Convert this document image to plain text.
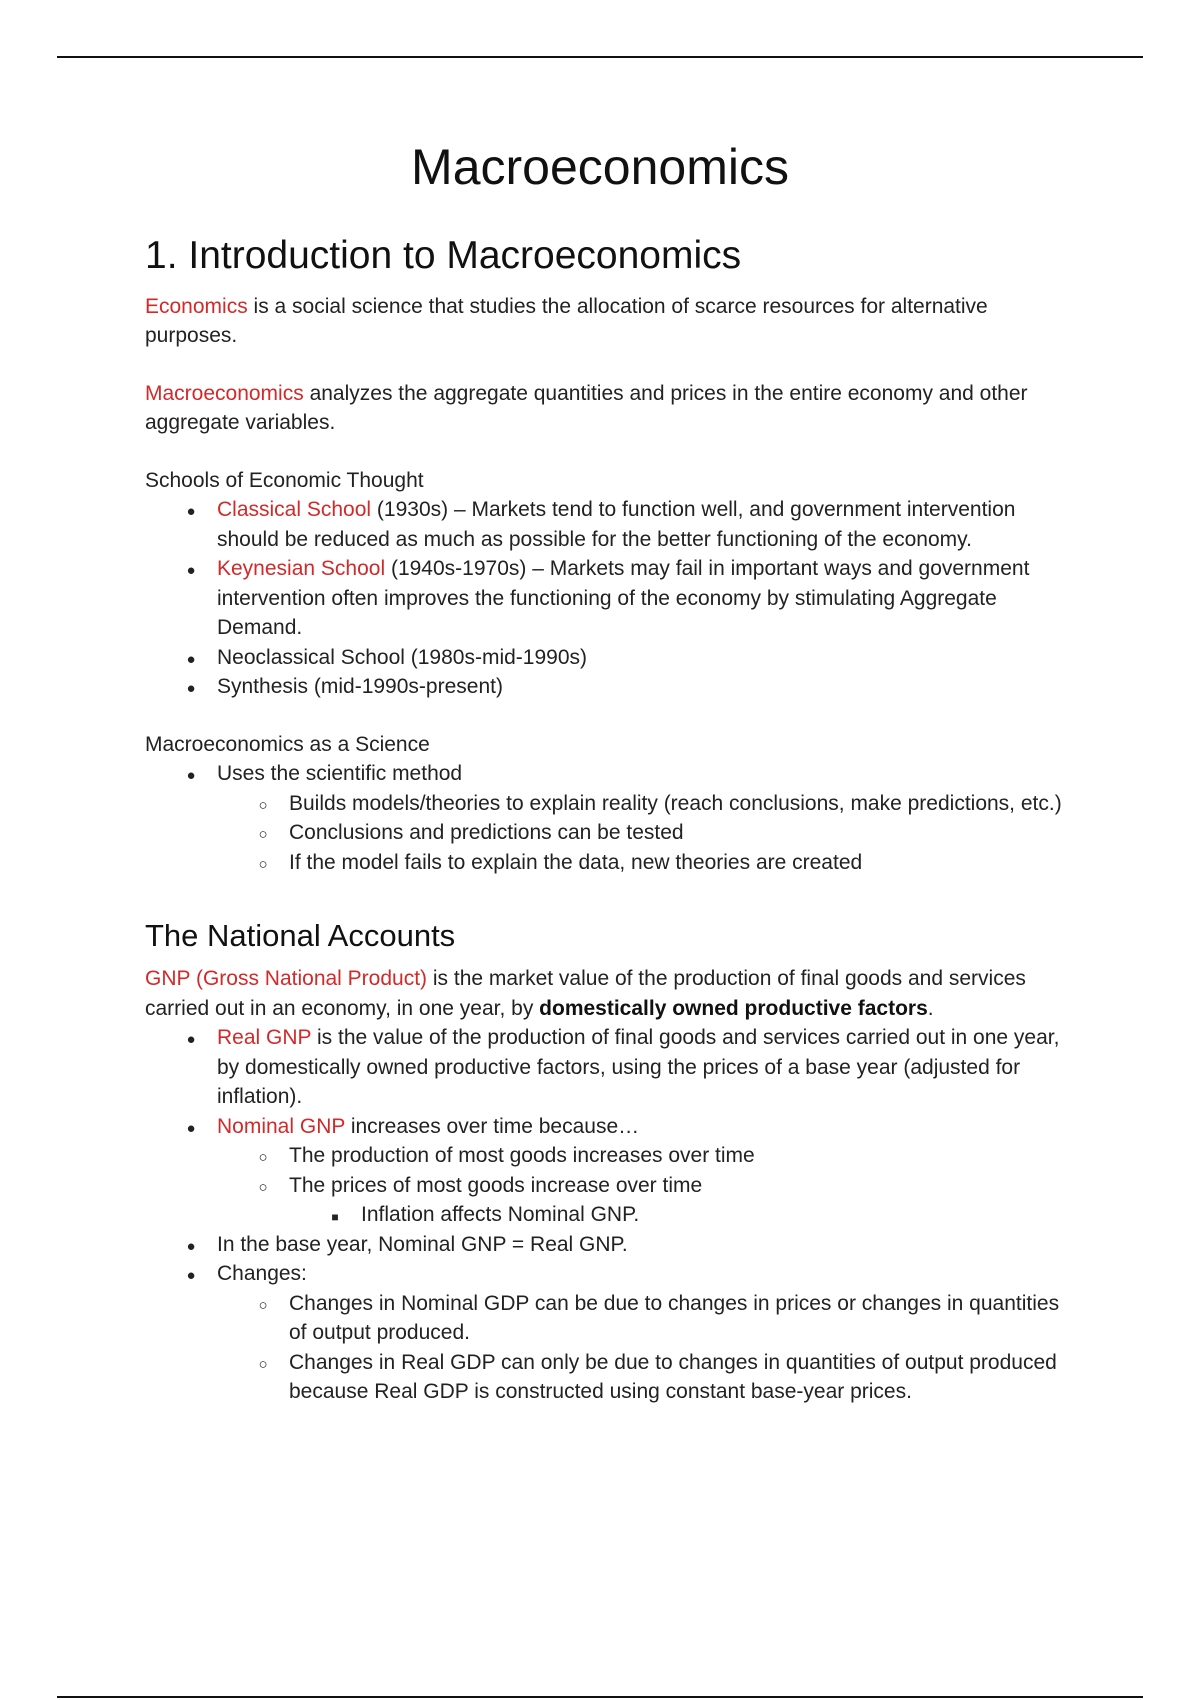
Macroeconomics
1. Introduction to Macroeconomics

Economics is a social science that studies the allocation of scarce resources for alternative purposes.

Macroeconomics analyzes the aggregate quantities and prices in the entire economy and other aggregate variables.

Schools of Economic Thought
●
Classical School (1930s) – Markets tend to function well, and government intervention should be reduced as much as possible for the better functioning of the economy.
●
Keynesian School (1940s-1970s) – Markets may fail in important ways and government intervention often improves the functioning of the economy by stimulating Aggregate Demand.
●
Neoclassical School (1980s-mid-1990s)
●
Synthesis (mid-1990s-present)
Macroeconomics as a Science
●
Uses the scientific method
○
Builds models/theories to explain reality (reach conclusions, make predictions, etc.)
○
Conclusions and predictions can be tested
○
If the model fails to explain the data, new theories are created
The National Accounts

GNP (Gross National Product) is the market value of the production of final goods and services carried out in an economy, in one year, by domestically owned productive factors.

●
Real GNP is the value of the production of final goods and services carried out in one year, by domestically owned productive factors, using the prices of a base year (adjusted for inflation).
●
Nominal GNP increases over time because…
○
The production of most goods increases over time
○
The prices of most goods increase over time
■
Inflation affects Nominal GNP.
●
In the base year, Nominal GNP = Real GNP.
●
Changes:
○
Changes in Nominal GDP can be due to changes in prices or changes in quantities of output produced.
○
Changes in Real GDP can only be due to changes in quantities of output produced because Real GDP is constructed using constant base-year prices.
